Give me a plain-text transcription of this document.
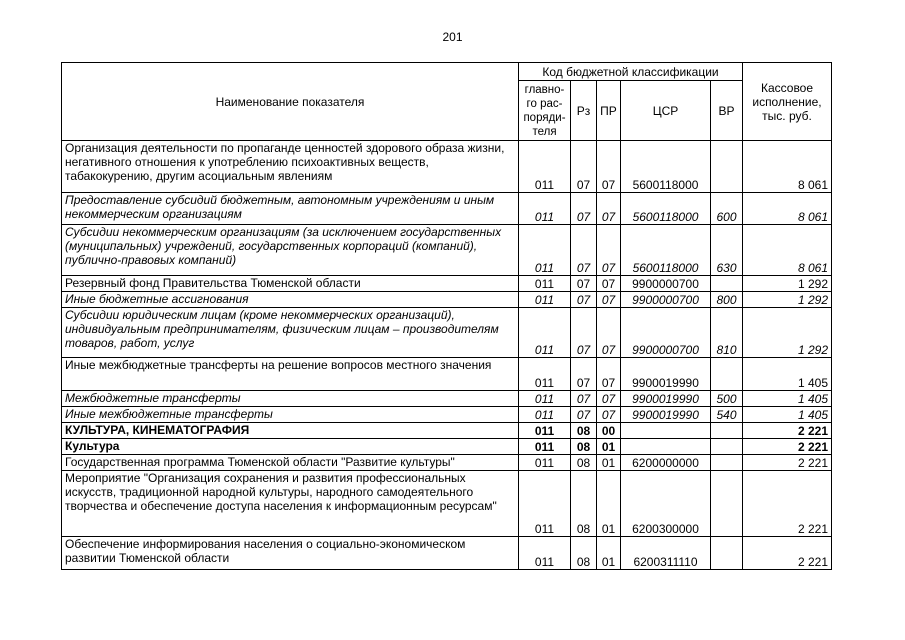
201
Наименование показателя	Код бюджетной классификации					Кассовое исполнение, тыс. руб.
	главно-го рас-поряди-теля	Рз	ПР	ЦСР	ВР	
Организация деятельности по пропаганде ценностей здорового образа жизни, негативного отношения к употреблению психоактивных веществ, табакокурению, другим асоциальным явлениям	011	07	07	5600118000		8 061
Предоставление субсидий бюджетным, автономным учреждениям и иным некоммерческим организациям	011	07	07	5600118000	600	8 061
Субсидии некоммерческим организациям (за исключением государственных (муниципальных) учреждений, государственных корпораций (компаний), публично-правовых компаний)	011	07	07	5600118000	630	8 061
Резервный фонд Правительства Тюменской области	011	07	07	9900000700		1 292
Иные бюджетные ассигнования	011	07	07	9900000700	800	1 292
Субсидии юридическим лицам (кроме некоммерческих организаций), индивидуальным предпринимателям, физическим лицам – производителям товаров, работ, услуг	011	07	07	9900000700	810	1 292
Иные межбюджетные трансферты на решение вопросов местного значения	011	07	07	9900019990		1 405
Межбюджетные трансферты	011	07	07	9900019990	500	1 405
Иные межбюджетные трансферты	011	07	07	9900019990	540	1 405
КУЛЬТУРА, КИНЕМАТОГРАФИЯ	011	08	00			2 221
Культура	011	08	01			2 221
Государственная программа Тюменской области "Развитие культуры"	011	08	01	6200000000		2 221
Мероприятие "Организация сохранения и развития профессиональных искусств, традиционной народной культуры, народного самодеятельного творчества и обеспечение доступа населения к информационным ресурсам"	011	08	01	6200300000		2 221
Обеспечение информирования населения о социально-экономическом развитии Тюменской области	011	08	01	6200311110		2 221
